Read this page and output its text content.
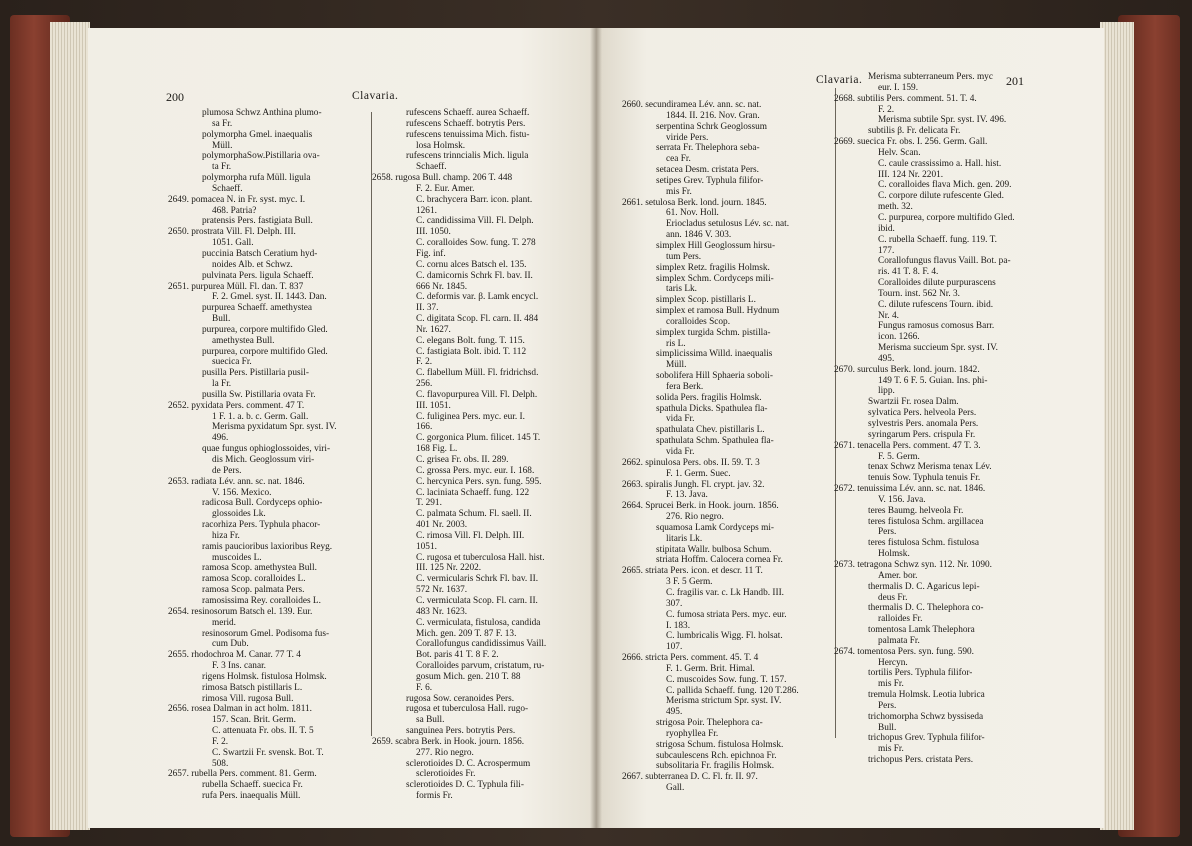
200	Clavaria.
plumosa Schwz Anthina plumo-
sa Fr.
polymorpha Gmel. inaequalis
Müll.
polymorphaSow.Pistillaria ova-
ta Fr.
polymorpha rufa Müll. ligula
Schaeff.
2649. pomacea N. in Fr. syst. myc. I.
468. Patria?
pratensis Pers. fastigiata Bull.
2650. prostrata Vill. Fl. Delph. III.
1051. Gall.
puccinia Batsch Ceratium hyd-
noides Alb. et Schwz.
pulvinata Pers. ligula Schaeff.
2651. purpurea Müll. Fl. dan. T. 837
F. 2. Gmel. syst. II. 1443. Dan.
purpurea Schaeff. amethystea
Bull.
purpurea, corpore multifido Gled.
amethystea Bull.
purpurea, corpore multifido Gled.
suecica Fr.
pusilla Pers. Pistillaria pusil-
la Fr.
pusilla Sw. Pistillaria ovata Fr.
2652. pyxidata Pers. comment. 47 T.
1 F. 1. a. b. c. Germ. Gall.
Merisma pyxidatum Spr. syst. IV.
496.
quae fungus ophioglossoides, viri-
dis Mich. Geoglossum viri-
de Pers.
2653. radiata Lév. ann. sc. nat. 1846.
V. 156. Mexico.
radicosa Bull. Cordyceps ophio-
glossoides Lk.
racorhiza Pers. Typhula phacor-
hiza Fr.
ramis paucioribus laxioribus Reyg.
muscoides L.
ramosa Scop. amethystea Bull.
ramosa Scop. coralloides L.
ramosa Scop. palmata Pers.
ramosissima Rey. coralloides L.
2654. resinosorum Batsch el. 139. Eur.
merid.
resinosorum Gmel. Podisoma fus-
cum Dub.
2655. rhodochroa M. Canar. 77 T. 4
F. 3 Ins. canar.
rigens Holmsk. fistulosa Holmsk.
rimosa Batsch pistillaris L.
rimosa Vill. rugosa Bull.
2656. rosea Dalman in act holm. 1811.
157. Scan. Brit. Germ.
C. attenuata Fr. obs. II. T. 5
F. 2.
C. Swartzii Fr. svensk. Bot. T.
508.
2657. rubella Pers. comment. 81. Germ.
rubella Schaeff. suecica Fr.
rufa Pers. inaequalis Müll.
rufescens Schaeff. aurea Schaeff.
rufescens Schaeff. botrytis Pers.
rufescens tenuissima Mich. fistu-
losa Holmsk.
rufescens trinncialis Mich. ligula
Schaeff.
2658. rugosa Bull. champ. 206 T. 448
F. 2. Eur. Amer.
C. brachycera Barr. icon. plant.
1261.
C. candidissima Vill. Fl. Delph.
III. 1050.
C. coralloides Sow. fung. T. 278
Fig. inf.
C. cornu alces Batsch el. 135.
C. damicornis Schrk Fl. bav. II.
666 Nr. 1845.
C. deformis var. β. Lamk encycl.
II. 37.
C. digitata Scop. Fl. carn. II. 484
Nr. 1627.
C. elegans Bolt. fung. T. 115.
C. fastigiata Bolt. ibid. T. 112
F. 2.
C. flabellum Müll. Fl. fridrichsd.
256.
C. flavopurpurea Vill. Fl. Delph.
III. 1051.
C. fuliginea Pers. myc. eur. I.
166.
C. gorgonica Plum. filicet. 145 T.
168 Fig. L.
C. grisea Fr. obs. II. 289.
C. grossa Pers. myc. eur. I. 168.
C. hercynica Pers. syn. fung. 595.
C. laciniata Schaeff. fung. 122
T. 291.
C. palmata Schum. Fl. saell. II.
401 Nr. 2003.
C. rimosa Vill. Fl. Delph. III.
1051.
C. rugosa et tuberculosa Hall. hist.
III. 125 Nr. 2202.
C. vermicularis Schrk Fl. bav. II.
572 Nr. 1637.
C. vermiculata Scop. Fl. carn. II.
483 Nr. 1623.
C. vermiculata, fistulosa, candida
Mich. gen. 209 T. 87 F. 13.
Corallofungus candidissimus Vaill.
Bot. paris 41 T. 8 F. 2.
Coralloides parvum, cristatum, ru-
gosum Mich. gen. 210 T. 88
F. 6.
rugosa Sow. ceranoides Pers.
rugosa et tuberculosa Hall. rugo-
sa Bull.
sanguinea Pers. botrytis Pers.
2659. scabra Berk. in Hook. journ. 1856.
277. Rio negro.
sclerotioides D. C. Acrospermum
sclerotioides Fr.
sclerotioides D. C. Typhula fili-
formis Fr.
Clavaria.	201
2660. secundiramea Lév. ann. sc. nat.
1844. II. 216. Nov. Gran.
serpentina Schrk Geoglossum
viride Pers.
serrata Fr. Thelephora seba-
cea Fr.
setacea Desm. cristata Pers.
setipes Grev. Typhula filifor-
mis Fr.
2661. setulosa Berk. lond. journ. 1845.
61. Nov. Holl.
Eriocladus setulosus Lév. sc. nat.
ann. 1846 V. 303.
simplex Hill Geoglossum hirsu-
tum Pers.
simplex Retz. fragilis Holmsk.
simplex Schm. Cordyceps mili-
taris Lk.
simplex Scop. pistillaris L.
simplex et ramosa Bull. Hydnum
coralloides Scop.
simplex turgida Schm. pistilla-
ris L.
simplicissima Willd. inaequalis
Müll.
sobolifera Hill Sphaeria soboli-
fera Berk.
solida Pers. fragilis Holmsk.
spathula Dicks. Spathulea fla-
vida Fr.
spathulata Chev. pistillaris L.
spathulata Schm. Spathulea fla-
vida Fr.
2662. spinulosa Pers. obs. II. 59. T. 3
F. 1. Germ. Suec.
2663. spiralis Jungh. Fl. crypt. jav. 32.
F. 13. Java.
2664. Sprucei Berk. in Hook. journ. 1856.
276. Rio negro.
squamosa Lamk Cordyceps mi-
litaris Lk.
stipitata Wallr. bulbosa Schum.
striata Hoffm. Calocera cornea Fr.
2665. striata Pers. icon. et descr. 11 T.
3 F. 5 Germ.
C. fragilis var. c. Lk Handb. III.
307.
C. fumosa striata Pers. myc. eur.
I. 183.
C. lumbricalis Wigg. Fl. holsat.
107.
2666. stricta Pers. comment. 45. T. 4
F. 1. Germ. Brit. Himal.
C. muscoides Sow. fung. T. 157.
C. pallida Schaeff. fung. 120 T.286.
Merisma strictum Spr. syst. IV.
495.
strigosa Poir. Thelephora ca-
ryophyllea Fr.
strigosa Schum. fistulosa Holmsk.
subcaulescens Rch. epichnoa Fr.
subsolitaria Fr. fragilis Holmsk.
2667. subterranea D. C. Fl. fr. II. 97.
Gall.
Merisma subterraneum Pers. myc
eur. I. 159.
2668. subtilis Pers. comment. 51. T. 4.
F. 2.
Merisma subtile Spr. syst. IV. 496.
subtilis β. Fr. delicata Fr.
2669. suecica Fr. obs. I. 256. Germ. Gall.
Helv. Scan.
C. caule crassissimo a. Hall. hist.
III. 124 Nr. 2201.
C. coralloides flava Mich. gen. 209.
C. corpore dilute rufescente Gled.
meth. 32.
C. purpurea, corpore multifido Gled.
ibid.
C. rubella Schaeff. fung. 119. T.
177.
Corallofungus flavus Vaill. Bot. pa-
ris. 41 T. 8. F. 4.
Coralloides dilute purpurascens
Tourn. inst. 562 Nr. 3.
C. dilute rufescens Tourn. ibid.
Nr. 4.
Fungus ramosus comosus Barr.
icon. 1266.
Merisma succieum Spr. syst. IV.
495.
2670. surculus Berk. lond. journ. 1842.
149 T. 6 F. 5. Guian. Ins. phi-
lipp.
Swartzii Fr. rosea Dalm.
sylvatica Pers. helveola Pers.
sylvestris Pers. anomala Pers.
syringarum Pers. crispula Fr.
2671. tenacella Pers. comment. 47 T. 3.
F. 5. Germ.
tenax Schwz Merisma tenax Lév.
tenuis Sow. Typhula tenuis Fr.
2672. tenuissima Lév. ann. sc. nat. 1846.
V. 156. Java.
teres Baumg. helveola Fr.
teres fistulosa Schm. argillacea
Pers.
teres fistulosa Schm. fistulosa
Holmsk.
2673. tetragona Schwz syn. 112. Nr. 1090.
Amer. bor.
thermalis D. C. Agaricus lepi-
deus Fr.
thermalis D. C. Thelephora co-
ralloides Fr.
tomentosa Lamk Thelephora
palmata Fr.
2674. tomentosa Pers. syn. fung. 590.
Hercyn.
tortilis Pers. Typhula filifor-
mis Fr.
tremula Holmsk. Leotia lubrica
Pers.
trichomorpha Schwz byssiseda
Bull.
trichopus Grev. Typhula filifor-
mis Fr.
trichopus Pers. cristata Pers.
